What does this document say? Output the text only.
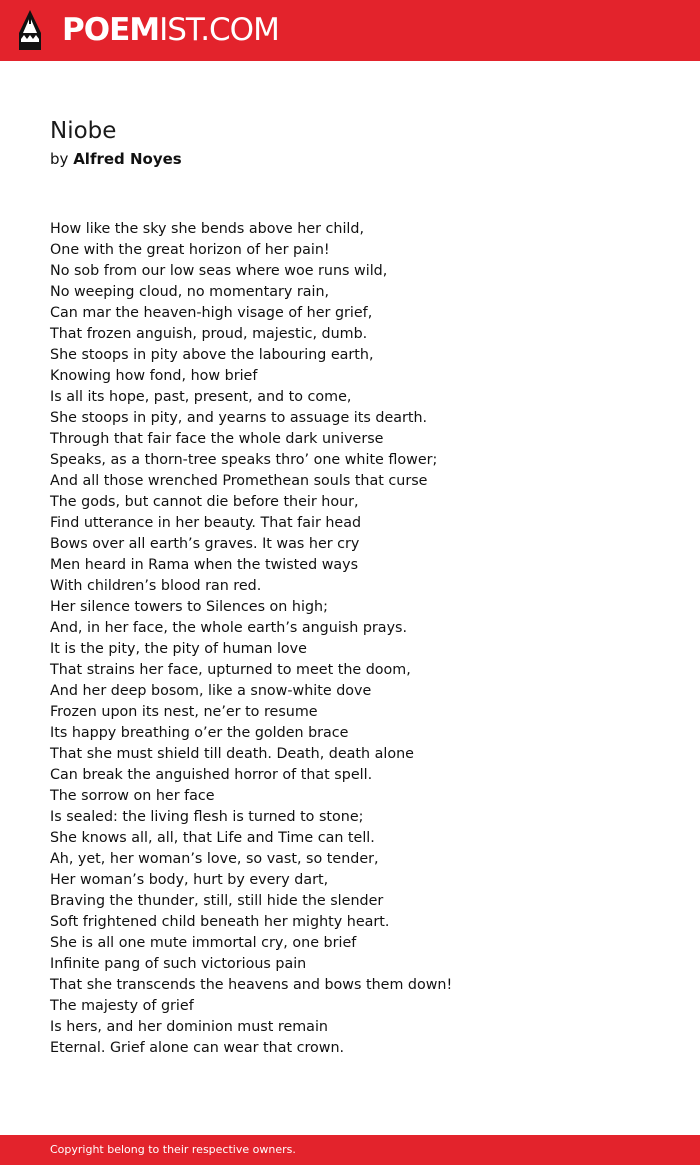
POEMIST.COM
Niobe
by Alfred Noyes
How like the sky she bends above her child,
One with the great horizon of her pain!
No sob from our low seas where woe runs wild,
No weeping cloud, no momentary rain,
Can mar the heaven-high visage of her grief,
That frozen anguish, proud, majestic, dumb.
She stoops in pity above the labouring earth,
Knowing how fond, how brief
Is all its hope, past, present, and to come,
She stoops in pity, and yearns to assuage its dearth.
Through that fair face the whole dark universe
Speaks, as a thorn-tree speaks thro’ one white flower;
And all those wrenched Promethean souls that curse
The gods, but cannot die before their hour,
Find utterance in her beauty. That fair head
Bows over all earth’s graves. It was her cry
Men heard in Rama when the twisted ways
With children’s blood ran red.
Her silence towers to Silences on high;
And, in her face, the whole earth’s anguish prays.
It is the pity, the pity of human love
That strains her face, upturned to meet the doom,
And her deep bosom, like a snow-white dove
Frozen upon its nest, ne’er to resume
Its happy breathing o’er the golden brace
That she must shield till death. Death, death alone
Can break the anguished horror of that spell.
The sorrow on her face
Is sealed: the living flesh is turned to stone;
She knows all, all, that Life and Time can tell.
Ah, yet, her woman’s love, so vast, so tender,
Her woman’s body, hurt by every dart,
Braving the thunder, still, still hide the slender
Soft frightened child beneath her mighty heart.
She is all one mute immortal cry, one brief
Infinite pang of such victorious pain
That she transcends the heavens and bows them down!
The majesty of grief
Is hers, and her dominion must remain
Eternal. Grief alone can wear that crown.
Copyright belong to their respective owners.
